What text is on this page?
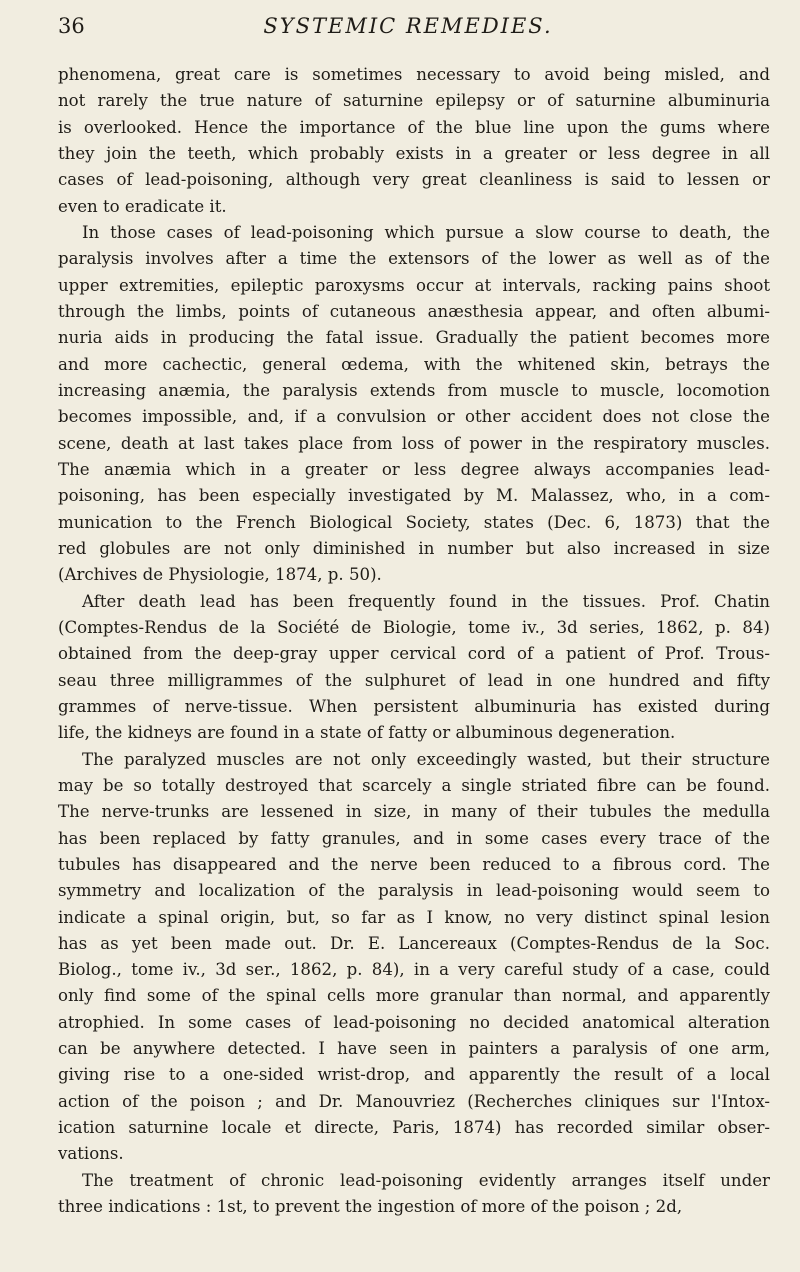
36	SYSTEMIC REMEDIES.

phenomena, great care is sometimes necessary to avoid being misled, and
not rarely the true nature of saturnine epilepsy or of saturnine albuminuria
is overlooked. Hence the importance of the blue line upon the gums where
they join the teeth, which probably exists in a greater or less degree in all
cases of lead-poisoning, although very great cleanliness is said to lessen or
even to eradicate it.

In those cases of lead-poisoning which pursue a slow course to death, the
paralysis involves after a time the extensors of the lower as well as of the
upper extremities, epileptic paroxysms occur at intervals, racking pains shoot
through the limbs, points of cutaneous anæsthesia appear, and often albumi-
nuria aids in producing the fatal issue. Gradually the patient becomes more
and more cachectic, general œdema, with the whitened skin, betrays the
increasing anæmia, the paralysis extends from muscle to muscle, locomotion
becomes impossible, and, if a convulsion or other accident does not close the
scene, death at last takes place from loss of power in the respiratory muscles.
The anæmia which in a greater or less degree always accompanies lead-
poisoning, has been especially investigated by M. Malassez, who, in a com-
munication to the French Biological Society, states (Dec. 6, 1873) that the
red globules are not only diminished in number but also increased in size
(Archives de Physiologie, 1874, p. 50).

After death lead has been frequently found in the tissues. Prof. Chatin
(Comptes-Rendus de la Société de Biologie, tome iv., 3d series, 1862, p. 84)
obtained from the deep-gray upper cervical cord of a patient of Prof. Trous-
seau three milligrammes of the sulphuret of lead in one hundred and fifty
grammes of nerve-tissue. When persistent albuminuria has existed during
life, the kidneys are found in a state of fatty or albuminous degeneration.

The paralyzed muscles are not only exceedingly wasted, but their structure
may be so totally destroyed that scarcely a single striated fibre can be found.
The nerve-trunks are lessened in size, in many of their tubules the medulla
has been replaced by fatty granules, and in some cases every trace of the
tubules has disappeared and the nerve been reduced to a fibrous cord. The
symmetry and localization of the paralysis in lead-poisoning would seem to
indicate a spinal origin, but, so far as I know, no very distinct spinal lesion
has as yet been made out. Dr. E. Lancereaux (Comptes-Rendus de la Soc.
Biolog., tome iv., 3d ser., 1862, p. 84), in a very careful study of a case, could
only find some of the spinal cells more granular than normal, and apparently
atrophied. In some cases of lead-poisoning no decided anatomical alteration
can be anywhere detected. I have seen in painters a paralysis of one arm,
giving rise to a one-sided wrist-drop, and apparently the result of a local
action of the poison ; and Dr. Manouvriez (Recherches cliniques sur l'Intox-
ication saturnine locale et directe, Paris, 1874) has recorded similar obser-
vations.

The treatment of chronic lead-poisoning evidently arranges itself under
three indications : 1st, to prevent the ingestion of more of the poison ; 2d,
